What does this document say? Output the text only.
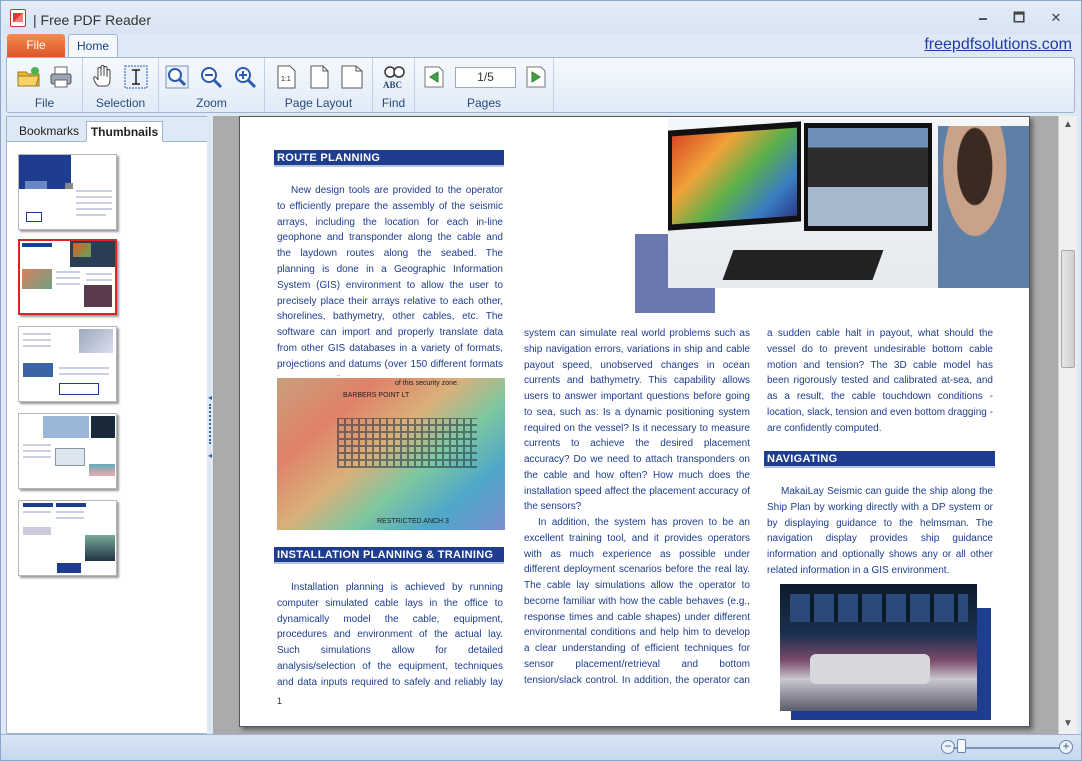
| Free PDF Reader	🗕	🗖	✕
File	Home	freepdfsolutions.com
File	Selection	Zoom
1:1
Page Layout
ABC
Find
1/5
Pages
Bookmarks Thumbnails
◂
◂
ROUTE PLANNING
New design tools are provided to the operator to efficiently prepare the assembly of the seismic arrays, including the location for each in-line geophone and transponder along the cable and the laydown routes along the seabed. The planning is done in a Geographic Information System (GIS) environment to allow the user to precisely place their arrays relative to each other, shorelines, bathymetry, other cables, etc. The software can import and properly translate data from other GIS databases in a variety of formats, projections and datums (over 150 different formats
of this security zone.
BARBERS POINT LT
RESTRICTED ANCH 3
INSTALLATION PLANNING & TRAINING
Installation planning is achieved by running computer simulated cable lays in the office to dynamically model the cable, equipment, procedures and environment of the actual lay. Such simulations allow for detailed analysis/selection of the equipment, techniques and data inputs required to safely and reliably lay
1
system can simulate real world problems such as ship navigation errors, variations in ship and cable payout speed, unobserved changes in ocean currents and bathymetry. This capability allows users to answer important questions before going to sea, such as: Is a dynamic positioning system required on the vessel? Is it necessary to measure currents to achieve the desired placement accuracy? Do we need to attach transponders on the cable and how often? How much does the installation speed affect the placement accuracy of the sensors?
In addition, the system has proven to be an excellent training tool, and it provides operators with as much experience as possible under different deployment scenarios before the real lay. The cable lay simulations allow the operator to become familiar with how the cable behaves (e.g., response times and cable shapes) under different environmental conditions and help him to develop a clear understanding of efficient techniques for sensor placement/retrieval and bottom tension/slack control. In addition, the operator can
a sudden cable halt in payout, what should the vessel do to prevent undesirable bottom cable motion and tension? The 3D cable model has been rigorously tested and calibrated at-sea, and as a result, the cable touchdown conditions - location, slack, tension and even bottom dragging - are confidently computed.
NAVIGATING
MakaiLay Seismic can guide the ship along the Ship Plan by working directly with a DP system or by displaying guidance to the helmsman. The navigation display provides ship guidance information and optionally shows any or all other related information in a GIS environment.
▲
▼
−	+
